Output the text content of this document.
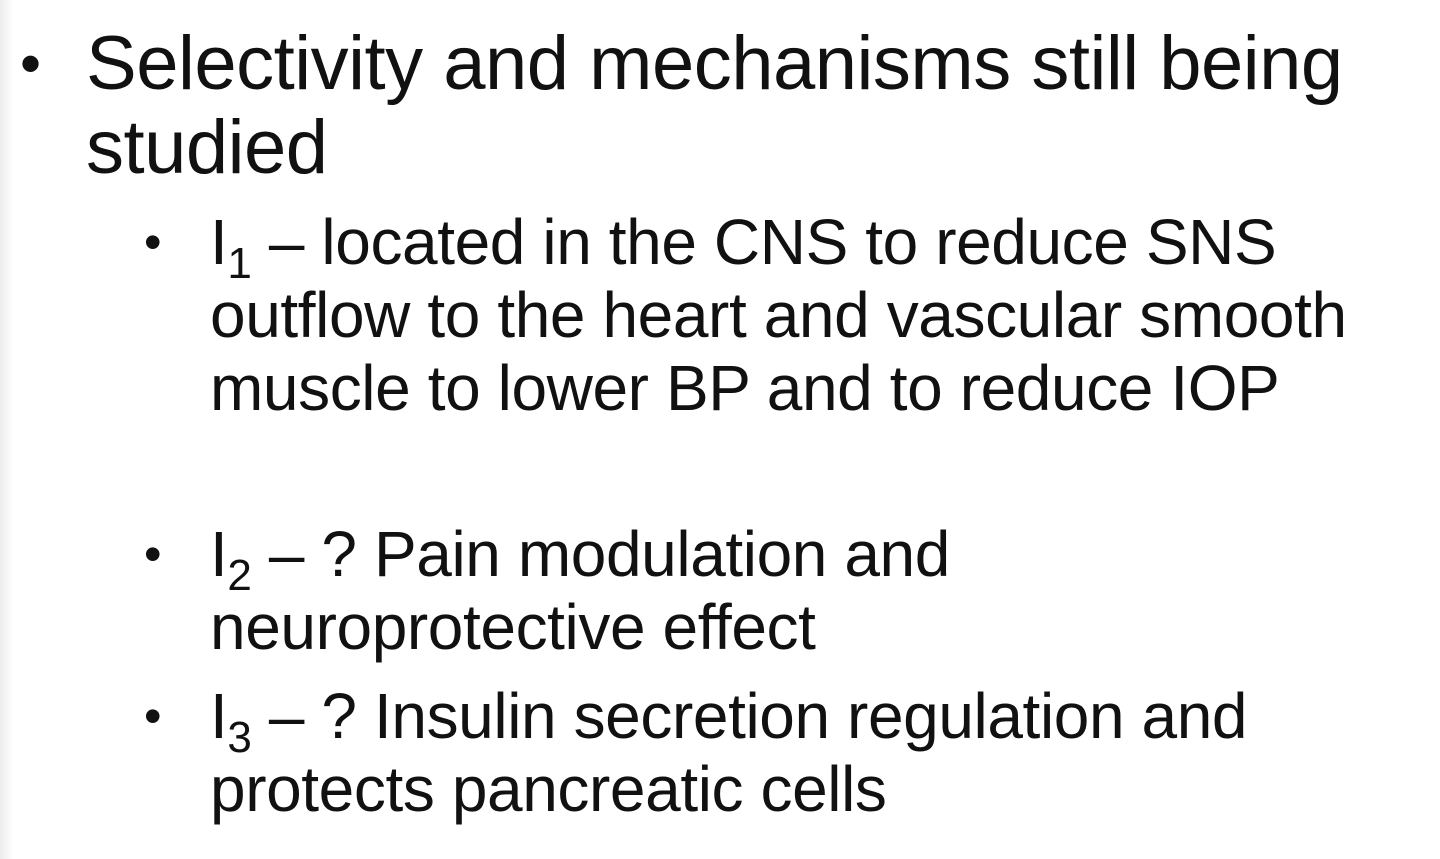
• Selectivity and mechanisms still being studied
• $I_1$ – located in the CNS to reduce SNS outflow to the heart and vascular smooth muscle to lower BP and to reduce IOP
• $I_2$ – ? Pain modulation and neuroprotective effect
• $I_3$ – ? Insulin secretion regulation and protects pancreatic cells
